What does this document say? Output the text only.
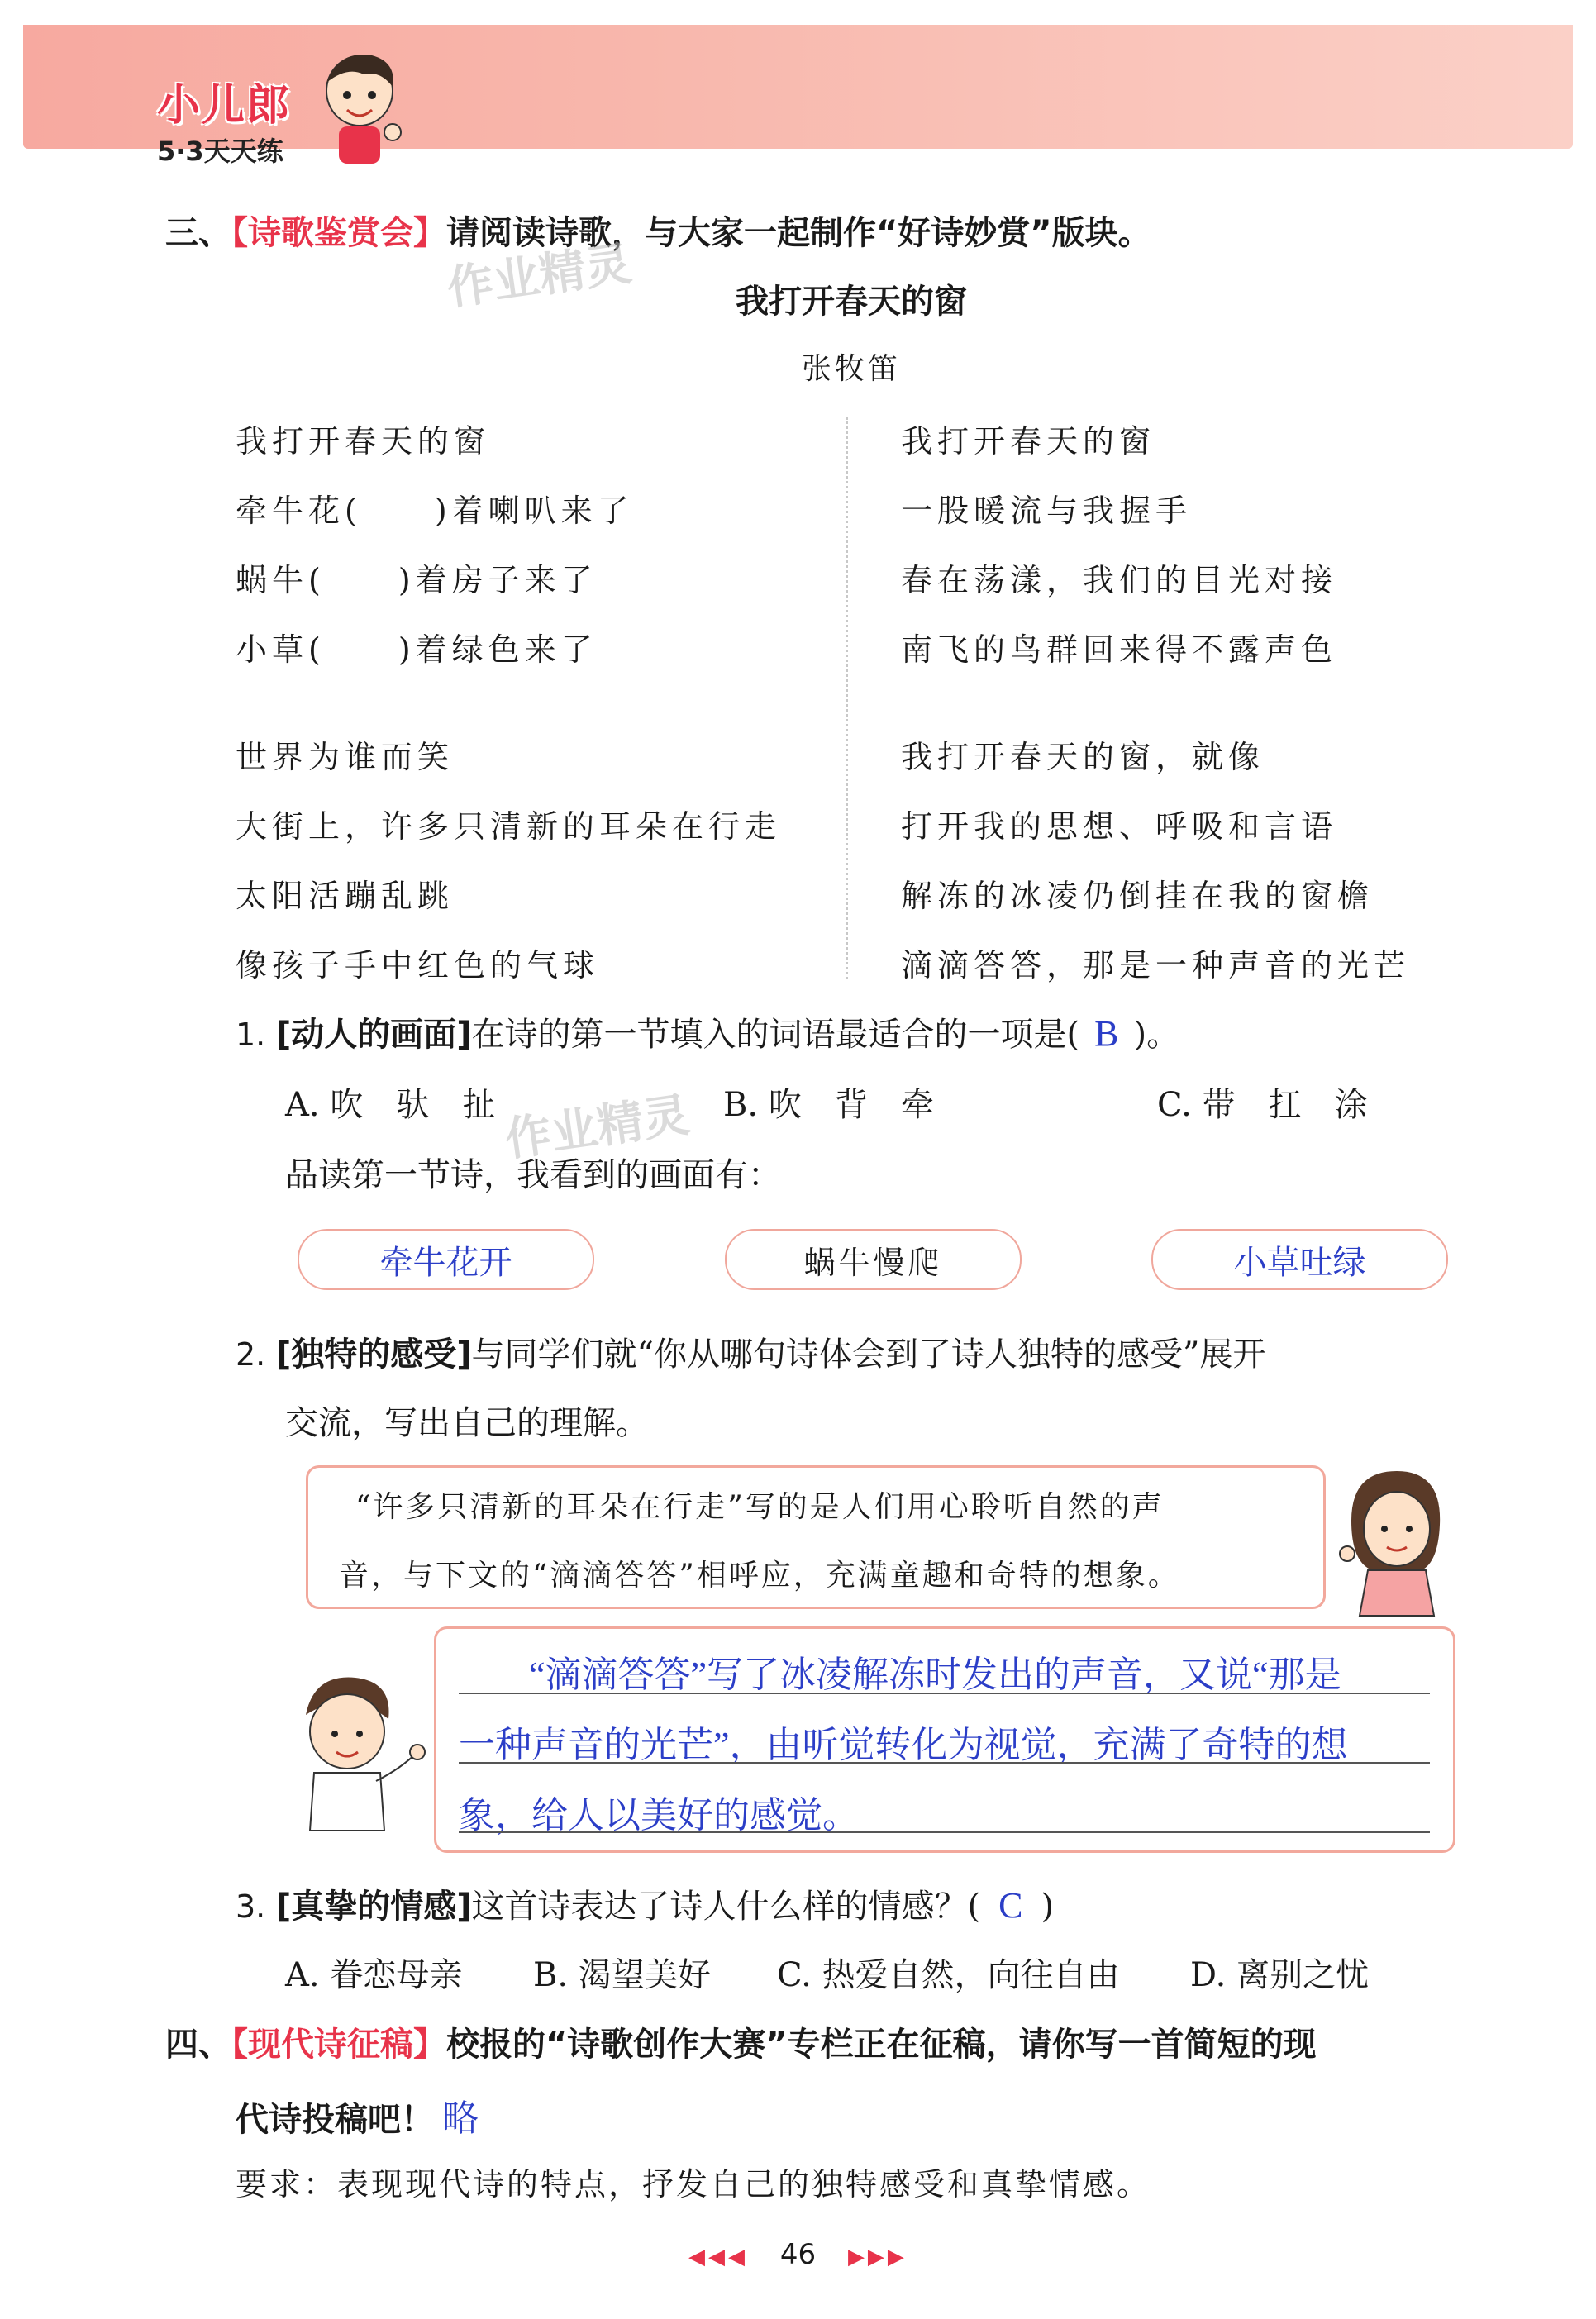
小儿郎
5·3天天练
三、【诗歌鉴赏会】请阅读诗歌，与大家一起制作“好诗妙赏”版块。
作业精灵	我打开春天的窗
张牧笛
我打开春天的窗
牵牛花(　　)着喇叭来了
蜗牛(　　)着房子来了
小草(　　)着绿色来了
世界为谁而笑
大街上，许多只清新的耳朵在行走
太阳活蹦乱跳
像孩子手中红色的气球
我打开春天的窗
一股暖流与我握手
春在荡漾，我们的目光对接
南飞的鸟群回来得不露声色
我打开春天的窗，就像
打开我的思想、呼吸和言语
解冻的冰凌仍倒挂在我的窗檐
滴滴答答，那是一种声音的光芒
1. [动人的画面]在诗的第一节填入的词语最适合的一项是( B )。
A. 吹　驮　扯	B. 吹　背　牵	C. 带　扛　涂
作业精灵
品读第一节诗，我看到的画面有：
牵牛花开	蜗牛慢爬	小草吐绿
2. [独特的感受]与同学们就“你从哪句诗体会到了诗人独特的感受”展开
交流，写出自己的理解。
“许多只清新的耳朵在行走”写的是人们用心聆听自然的声
音，与下文的“滴滴答答”相呼应，充满童趣和奇特的想象。
“滴滴答答”写了冰凌解冻时发出的声音，又说“那是
一种声音的光芒”，由听觉转化为视觉，充满了奇特的想
象，给人以美好的感觉。
3. [真挚的情感]这首诗表达了诗人什么样的情感？( C )
A. 眷恋母亲 B. 渴望美好 C. 热爱自然，向往自由 D. 离别之忧
四、【现代诗征稿】校报的“诗歌创作大赛”专栏正在征稿，请你写一首简短的现
代诗投稿吧！ 略
要求：表现现代诗的特点，抒发自己的独特感受和真挚情感。
◀◀◀ 46 ▶▶▶
